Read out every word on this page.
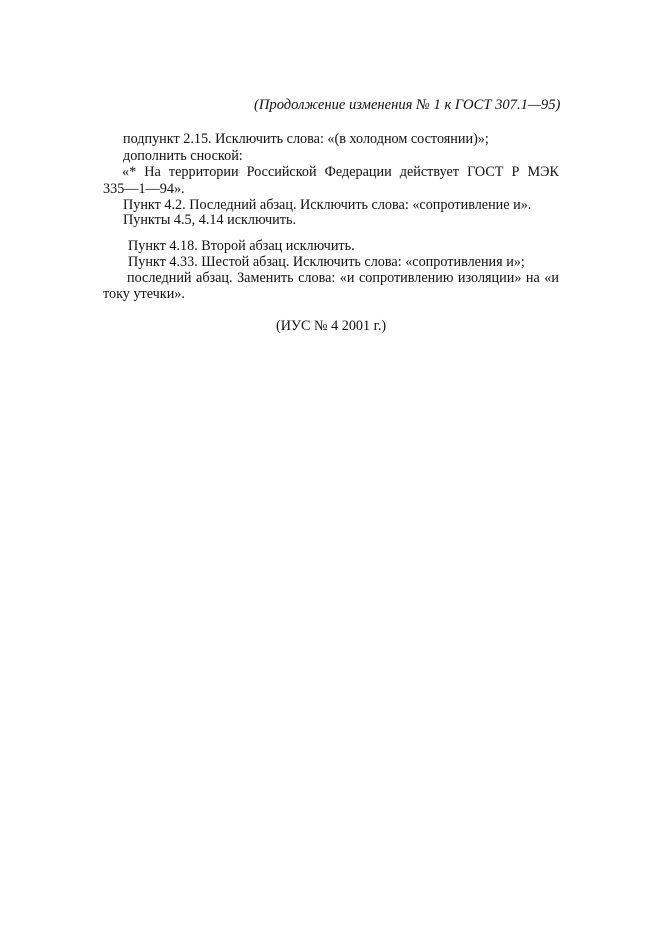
(Продолжение изменения № 1 к ГОСТ 307.1—95)
подпункт 2.15. Исключить слова: «(в холодном состоянии)»;
дополнить сноской:
«* На территории Российской Федерации действует ГОСТ Р МЭК
335—1—94».
Пункт 4.2. Последний абзац. Исключить слова: «сопротивление и».
Пункты 4.5, 4.14 исключить.
Пункт 4.18. Второй абзац исключить.
Пункт 4.33. Шестой абзац. Исключить слова: «сопротивления и»;
последний абзац. Заменить слова: «и сопротивлению изоляции» на «и
току утечки».
(ИУС № 4 2001 г.)
